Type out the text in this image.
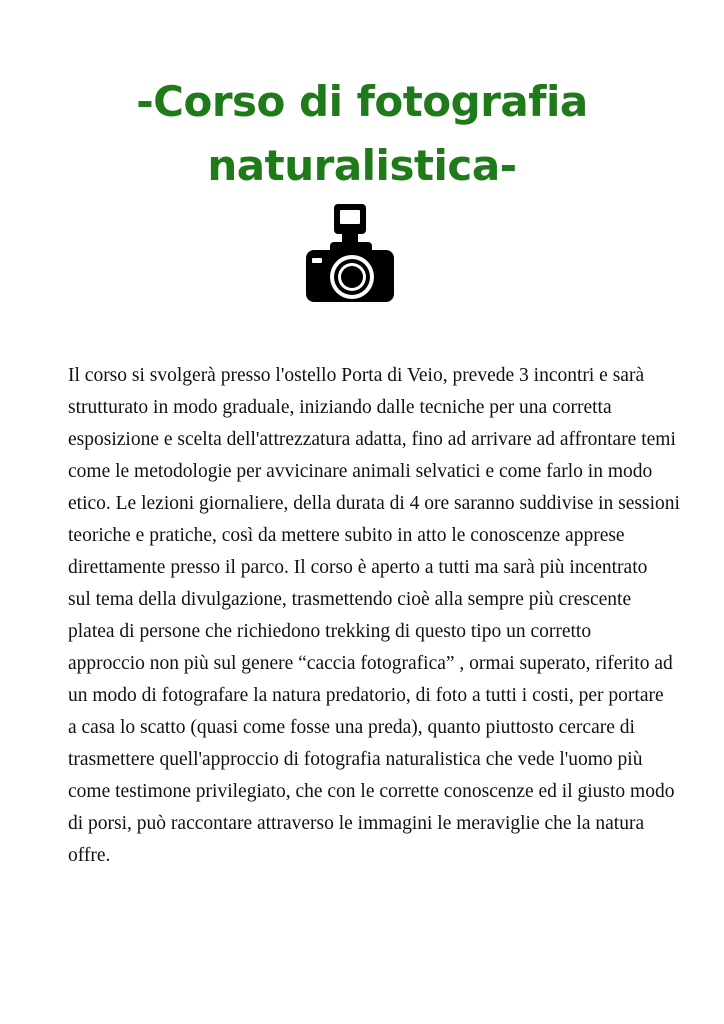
-Corso di fotografia
naturalistica-

Il corso si svolgerà presso l'ostello Porta di Veio, prevede 3 incontri e sarà
strutturato in modo graduale, iniziando dalle tecniche per una corretta
esposizione e scelta dell'attrezzatura adatta, fino ad arrivare ad affrontare temi
come le metodologie per avvicinare animali selvatici e come farlo in modo
etico. Le lezioni giornaliere, della durata di 4 ore saranno suddivise in sessioni
teoriche e pratiche, così da mettere subito in atto le conoscenze apprese
direttamente presso il parco. Il corso è aperto a tutti ma sarà più incentrato
sul tema della divulgazione, trasmettendo cioè alla sempre più crescente
platea di persone che richiedono trekking di questo tipo un corretto
approccio non più sul genere “caccia fotografica” , ormai superato, riferito ad
un modo di fotografare la natura predatorio, di foto a tutti i costi, per portare
a casa lo scatto (quasi come fosse una preda), quanto piuttosto cercare di
trasmettere quell'approccio di fotografia naturalistica che vede l'uomo più
come testimone privilegiato, che con le corrette conoscenze ed il giusto modo
di porsi, può raccontare attraverso le immagini le meraviglie che la natura
offre.
